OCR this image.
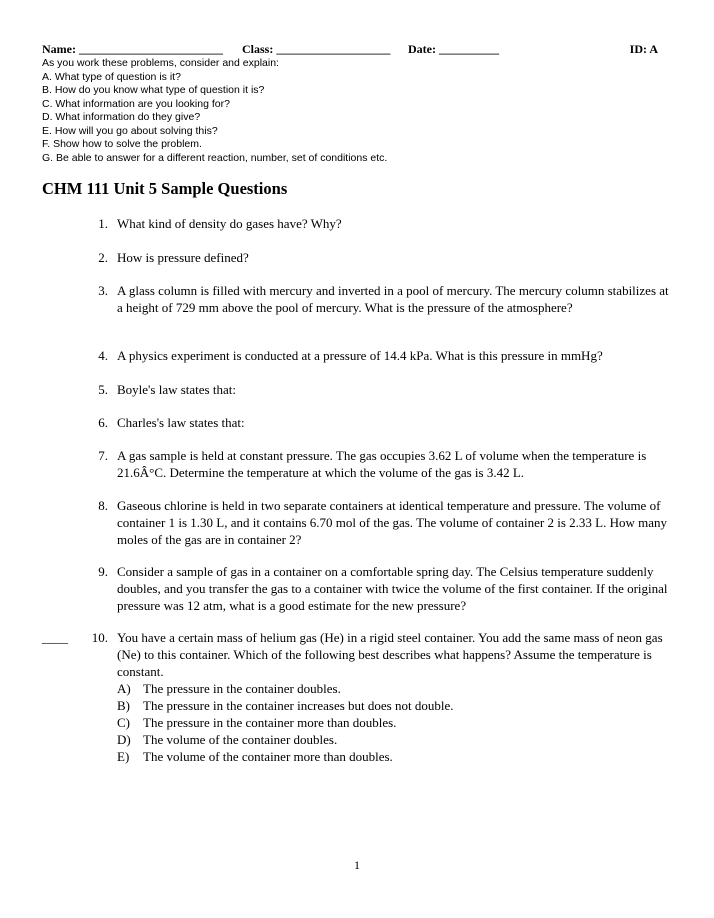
Name: ________________________ Class: ___________________ Date: __________	ID: A
As you work these problems, consider and explain:
A. What type of question is it?
B. How do you know what type of question it is?
C. What information are you looking for?
D. What information do they give?
E. How will you go about solving this?
F. Show how to solve the problem.
G. Be able to answer for a different reaction, number, set of conditions etc.
CHM 111 Unit 5 Sample Questions
1. What kind of density do gases have? Why?
2. How is pressure defined?
3. A glass column is filled with mercury and inverted in a pool of mercury. The mercury column stabilizes at a height of 729 mm above the pool of mercury. What is the pressure of the atmosphere?
4. A physics experiment is conducted at a pressure of 14.4 kPa. What is this pressure in mmHg?
5. Boyle's law states that:
6. Charles's law states that:
7. A gas sample is held at constant pressure. The gas occupies 3.62 L of volume when the temperature is 21.6Â°C. Determine the temperature at which the volume of the gas is 3.42 L.
8. Gaseous chlorine is held in two separate containers at identical temperature and pressure. The volume of container 1 is 1.30 L, and it contains 6.70 mol of the gas. The volume of container 2 is 2.33 L. How many moles of the gas are in container 2?
9. Consider a sample of gas in a container on a comfortable spring day. The Celsius temperature suddenly doubles, and you transfer the gas to a container with twice the volume of the first container. If the original pressure was 12 atm, what is a good estimate for the new pressure?
____	10. You have a certain mass of helium gas (He) in a rigid steel container. You add the same mass of neon gas (Ne) to this container. Which of the following best describes what happens? Assume the temperature is constant.
A) The pressure in the container doubles.
B)	The pressure in the container increases but does not double.
C)	The pressure in the container more than doubles.
D) The volume of the container doubles.
E)	The volume of the container more than doubles.
1
